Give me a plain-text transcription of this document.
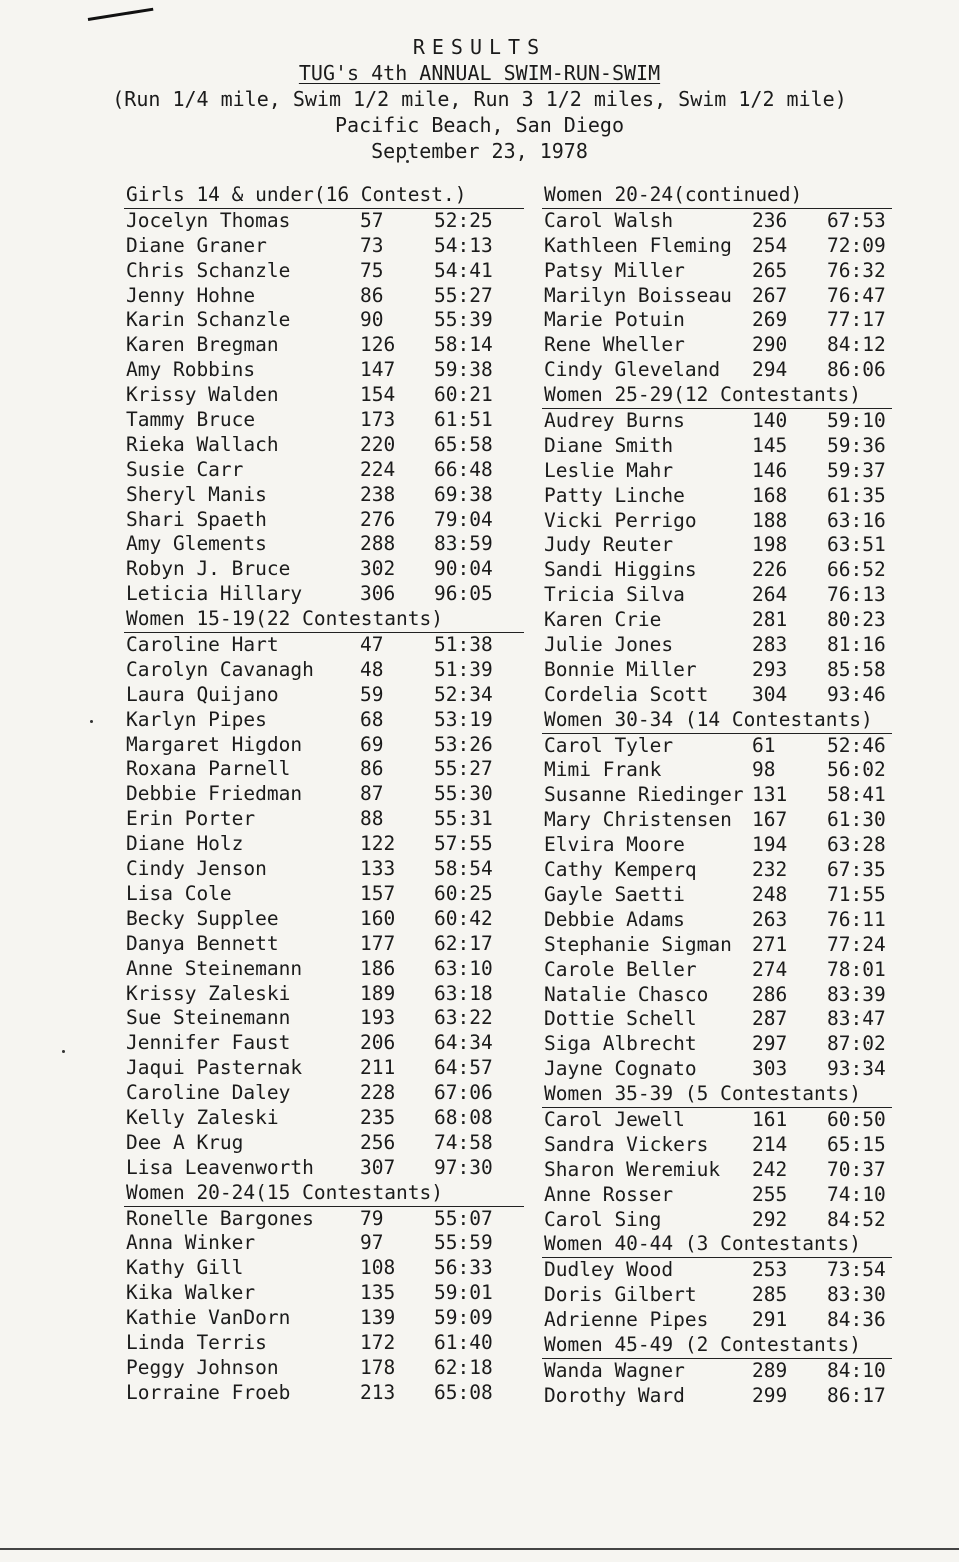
RESULTS
TUG's 4th ANNUAL SWIM-RUN-SWIM
(Run 1/4 mile, Swim 1/2 mile, Run 3 1/2 miles, Swim 1/2 mile)
Pacific Beach, San Diego
September 23, 1978
Girls 14 & under(16 Contest.)
Jocelyn Thomas	57	52:25
Diane Graner	73	54:13
Chris Schanzle	75	54:41
Jenny Hohne	86	55:27
Karin Schanzle	90	55:39
Karen Bregman	126 58:14
Amy Robbins	147 59:38
Krissy Walden	154 60:21
Tammy Bruce	173 61:51
Rieka Wallach	220 65:58
Susie Carr	224 66:48
Sheryl Manis	238 69:38
Shari Spaeth	276 79:04
Amy Glements	288 83:59
Robyn J. Bruce	302 90:04
Leticia Hillary	306 96:05
Women 15-19(22 Contestants)
Caroline Hart	47	51:38
Carolyn Cavanagh 48	51:39
Laura Quijano	59	52:34
Karlyn Pipes	68	53:19
Margaret Higdon	69	53:26
Roxana Parnell	86	55:27
Debbie Friedman	87	55:30
Erin Porter	88	55:31
Diane Holz	122 57:55
Cindy Jenson	133 58:54
Lisa Cole	157 60:25
Becky Supplee	160 60:42
Danya Bennett	177 62:17
Anne Steinemann	186 63:10
Krissy Zaleski	189 63:18
Sue Steinemann	193 63:22
Jennifer Faust	206 64:34
Jaqui Pasternak	211 64:57
Caroline Daley	228 67:06
Kelly Zaleski	235 68:08
Dee A Krug	256 74:58
Lisa Leavenworth 307 97:30
Women 20-24(15 Contestants)
Ronelle Bargones 79	55:07
Anna Winker	97	55:59
Kathy Gill	108 56:33
Kika Walker	135 59:01
Kathie VanDorn	139 59:09
Linda Terris	172 61:40
Peggy Johnson	178 62:18
Lorraine Froeb	213 65:08
Women 20-24(continued)
Carol Walsh	236 67:53
Kathleen Fleming 254 72:09
Patsy Miller	265 76:32
Marilyn Boisseau 267 76:47
Marie Potuin	269 77:17
Rene Wheller	290 84:12
Cindy Gleveland 294 86:06
Women 25-29(12 Contestants)
Audrey Burns	140 59:10
Diane Smith	145 59:36
Leslie Mahr	146 59:37
Patty Linche	168 61:35
Vicki Perrigo	188 63:16
Judy Reuter	198 63:51
Sandi Higgins	226 66:52
Tricia Silva	264 76:13
Karen Crie	281 80:23
Julie Jones	283 81:16
Bonnie Miller	293 85:58
Cordelia Scott 304 93:46
Women 30-34 (14 Contestants)
Carol Tyler	61	52:46
Mimi Frank	98	56:02
Susanne Riedinger 131 58:41
Mary Christensen 167 61:30
Elvira Moore	194 63:28
Cathy Kemperq	232 67:35
Gayle Saetti	248 71:55
Debbie Adams	263 76:11
Stephanie Sigman 271 77:24
Carole Beller	274 78:01
Natalie Chasco 286 83:39
Dottie Schell	287 83:47
Siga Albrecht	297 87:02
Jayne Cognato	303 93:34
Women 35-39 (5 Contestants)
Carol Jewell	161 60:50
Sandra Vickers 214 65:15
Sharon Weremiuk 242 70:37
Anne Rosser	255 74:10
Carol Sing	292 84:52
Women 40-44 (3 Contestants)
Dudley Wood	253 73:54
Doris Gilbert	285 83:30
Adrienne Pipes 291 84:36
Women 45-49 (2 Contestants)
Wanda Wagner	289 84:10
Dorothy Ward	299 86:17
